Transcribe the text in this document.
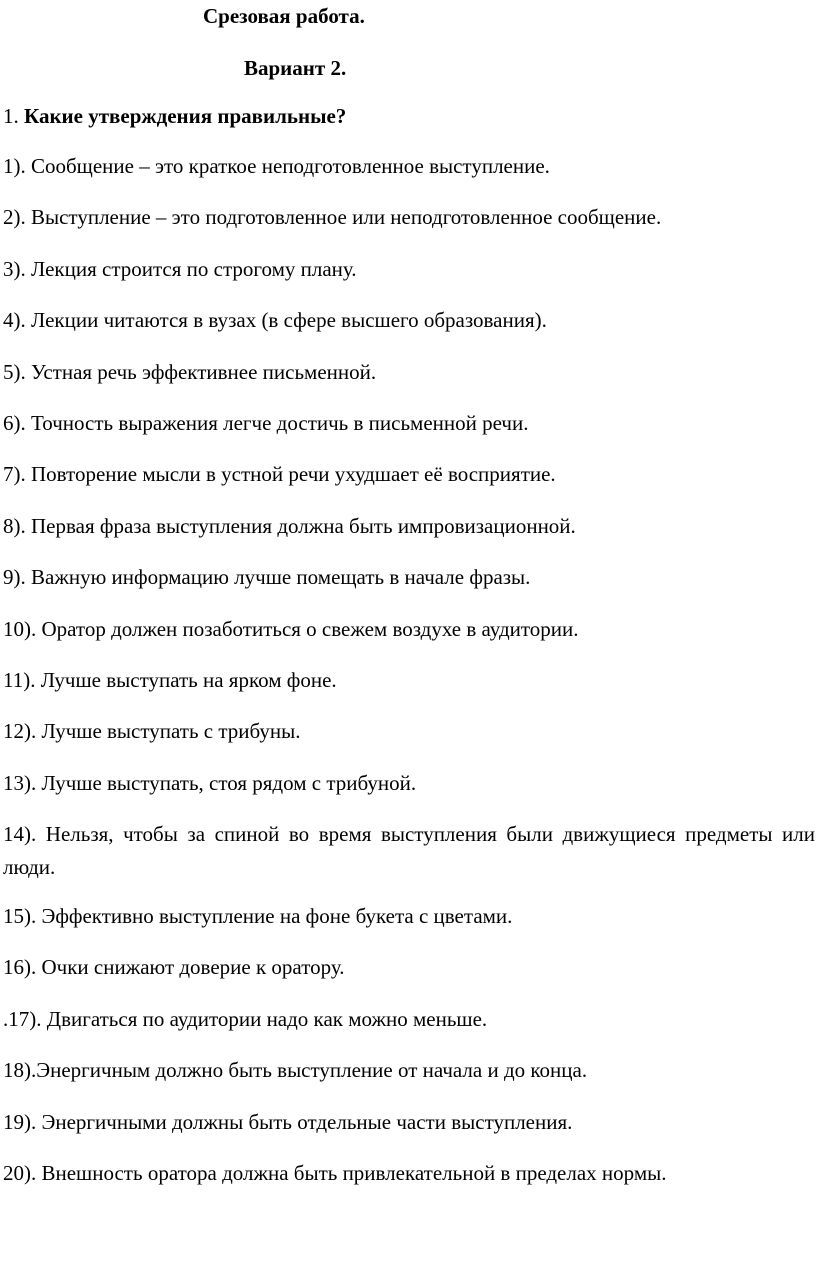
Срезовая работа.
Вариант 2.
1. Какие утверждения правильные?
1). Сообщение – это краткое неподготовленное выступление.
2). Выступление – это подготовленное или неподготовленное сообщение.
3). Лекция строится по строгому плану.
4). Лекции читаются в вузах (в сфере высшего образования).
5). Устная речь эффективнее письменной.
6). Точность выражения легче достичь в письменной речи.
7). Повторение мысли в устной речи ухудшает её восприятие.
8). Первая фраза выступления должна быть импровизационной.
9). Важную информацию лучше помещать в начале фразы.
10). Оратор должен позаботиться о свежем воздухе в аудитории.
11). Лучше выступать на ярком фоне.
12). Лучше выступать с трибуны.
13). Лучше выступать, стоя рядом с трибуной.
14). Нельзя, чтобы за спиной во время выступления были движущиеся предметы или люди.
15). Эффективно выступление на фоне букета с цветами.
16). Очки снижают доверие к оратору.
.17). Двигаться по аудитории надо как можно меньше.
18).Энергичным должно быть выступление от начала и до конца.
19). Энергичными должны быть отдельные части выступления.
20). Внешность оратора должна быть привлекательной в пределах нормы.
